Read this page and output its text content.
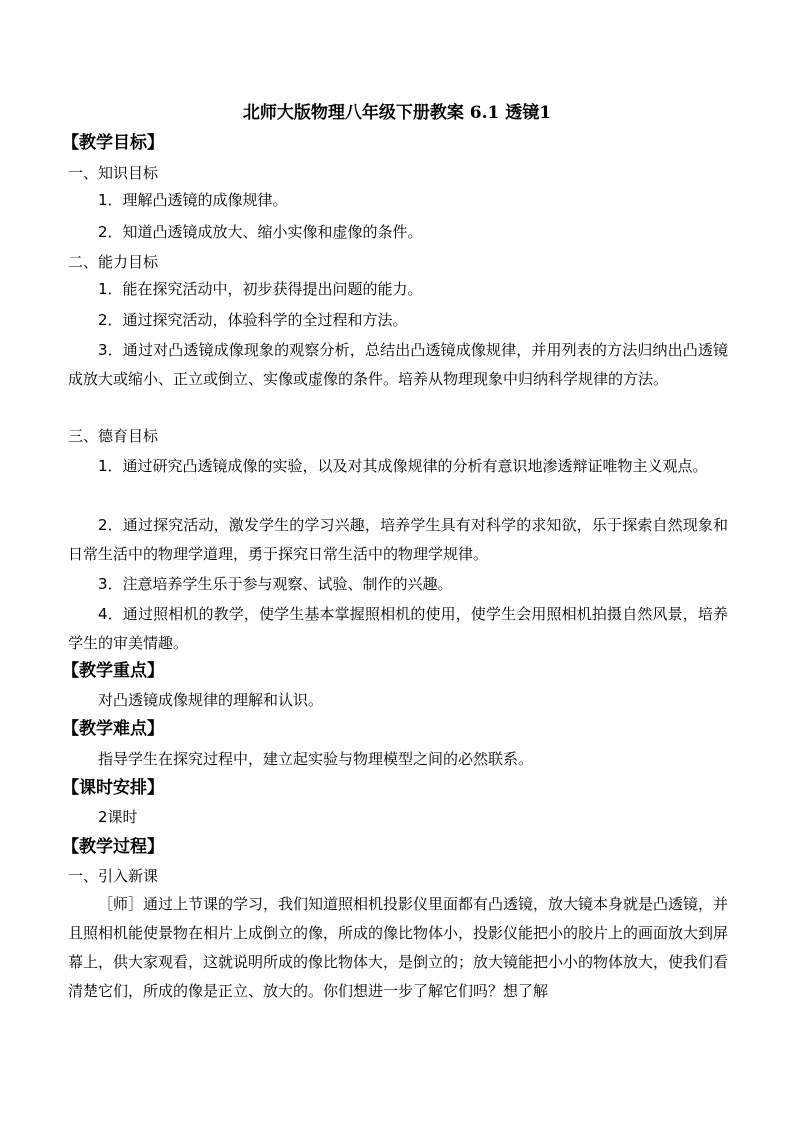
北师大版物理八年级下册教案 6.1 透镜1
【教学目标】
一、知识目标
1．理解凸透镜的成像规律。
2．知道凸透镜成放大、缩小实像和虚像的条件。
二、能力目标
1．能在探究活动中，初步获得提出问题的能力。
2．通过探究活动，体验科学的全过程和方法。
3．通过对凸透镜成像现象的观察分析，总结出凸透镜成像规律，并用列表的方法归纳出凸透镜成放大或缩小、正立或倒立、实像或虚像的条件。培养从物理现象中归纳科学规律的方法。
三、德育目标
1．通过研究凸透镜成像的实验，以及对其成像规律的分析有意识地渗透辩证唯物主义观点。
2．通过探究活动，激发学生的学习兴趣，培养学生具有对科学的求知欲，乐于探索自然现象和日常生活中的物理学道理，勇于探究日常生活中的物理学规律。
3．注意培养学生乐于参与观察、试验、制作的兴趣。
4．通过照相机的教学，使学生基本掌握照相机的使用，使学生会用照相机拍摄自然风景，培养学生的审美情趣。
【教学重点】
对凸透镜成像规律的理解和认识。
【教学难点】
指导学生在探究过程中，建立起实验与物理模型之间的必然联系。
【课时安排】
2课时
【教学过程】
一、引入新课
［师］通过上节课的学习，我们知道照相机投影仪里面都有凸透镜，放大镜本身就是凸透镜，并且照相机能使景物在相片上成倒立的像，所成的像比物体小，投影仪能把小的胶片上的画面放大到屏幕上，供大家观看，这就说明所成的像比物体大，是倒立的；放大镜能把小小的物体放大，使我们看清楚它们，所成的像是正立、放大的。你们想进一步了解它们吗？想了解
